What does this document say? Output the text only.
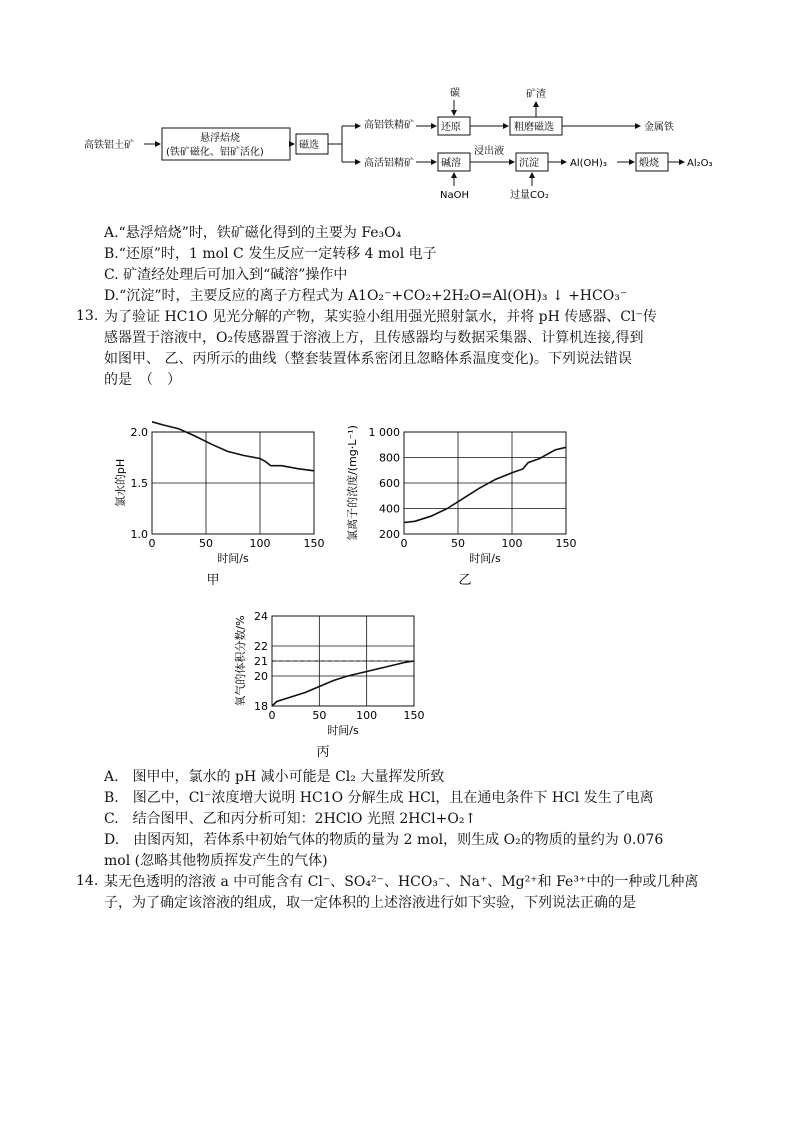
高铁铝土矿
悬浮焙烧
(铁矿磁化、铝矿活化)
磁选
高铝铁精矿
高活铝精矿
还原
碳
粗磨磁选
矿渣
金属铁
碱溶
NaOH
浸出液
沉淀
过量CO₂
Al(OH)₃	煅烧	Al₂O₃
A.“悬浮焙烧”时，铁矿磁化得到的主要为 Fe₃O₄
B.“还原”时，1 mol C 发生反应一定转移 4 mol 电子
C. 矿渣经处理后可加入到“碱溶”操作中
D.“沉淀”时，主要反应的离子方程式为 A1O₂⁻+CO₂+2H₂O=Al(OH)₃ ↓ +HCO₃⁻
13. 为了验证 HC1O 见光分解的产物，某实验小组用强光照射氯水，并将 pH 传感器、Cl⁻传
感器置于溶液中，O₂传感器置于溶液上方，且传感器均与数据采集器、计算机连接,得到
如图甲、 乙、丙所示的曲线（整套装置体系密闭且忽略体系温度变化)。下列说法错误
的是　（　）
0	50	100	150
1.0
1.5
2.0
时间/s
氯水的pH
甲
0	50	100	150
200
400
600
800
1 000
时间/s
氯离子的浓度/(mg·L⁻¹)
乙
0	50	100 150
18
20
21
22
24
时间/s
氧气的体积分数/%
丙
A.　图甲中，氯水的 pH 减小可能是 Cl₂ 大量挥发所致
B.　图乙中，Cl⁻浓度增大说明 HC1O 分解生成 HCl，且在通电条件下 HCl 发生了电离
C.　结合图甲、乙和丙分析可知：2HClO 光照 2HCl+O₂↑
D.　由图丙知，若体系中初始气体的物质的量为 2 mol，则生成 O₂的物质的量约为 0.076
mol (忽略其他物质挥发产生的气体)
14. 某无色透明的溶液 a 中可能含有 Cl⁻、SO₄²⁻、HCO₃⁻、Na⁺、Mg²⁺和 Fe³⁺中的一种或几种离
子，为了确定该溶液的组成，取一定体积的上述溶液进行如下实验，下列说法正确的是
